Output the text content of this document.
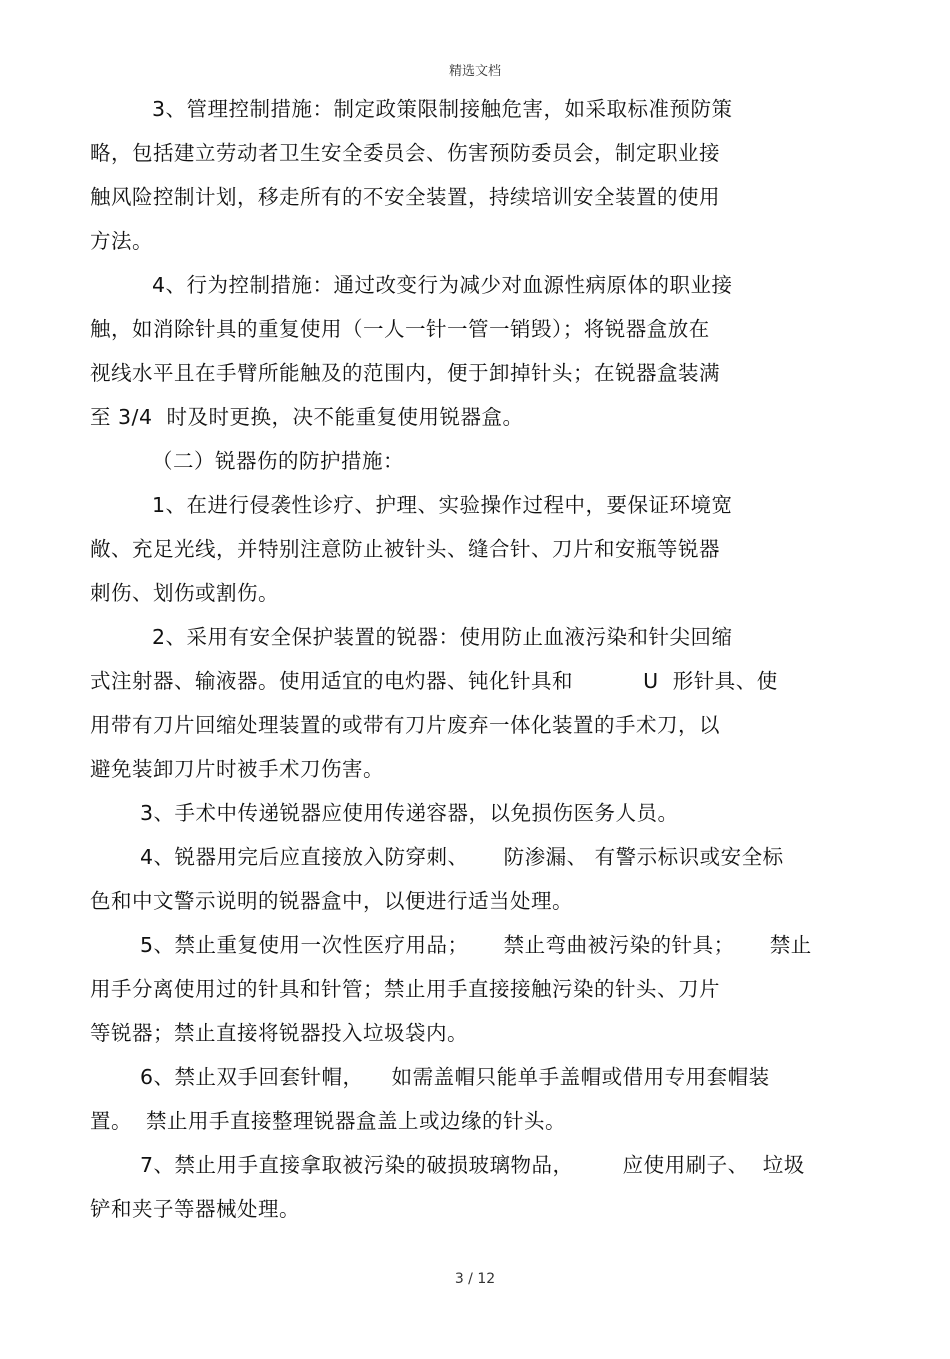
精选文档
3、管理控制措施：制定政策限制接触危害，如采取标准预防策
略，包括建立劳动者卫生安全委员会、伤害预防委员会，制定职业接
触风险控制计划，移走所有的不安全装置，持续培训安全装置的使用
方法。
4、行为控制措施：通过改变行为减少对血源性病原体的职业接
触，如消除针具的重复使用（一人一针一管一销毁）；将锐器盒放在
视线水平且在手臂所能触及的范围内，便于卸掉针头；在锐器盒装满
至 3/4  时及时更换，决不能重复使用锐器盒。
（二）锐器伤的防护措施：
1、在进行侵袭性诊疗、护理、实验操作过程中，要保证环境宽
敞、充足光线，并特别注意防止被针头、缝合针、刀片和安瓶等锐器
刺伤、划伤或割伤。
2、采用有安全保护装置的锐器：使用防止血液污染和针尖回缩
式注射器、输液器。使用适宜的电灼器、钝化针具和          U  形针具、使
用带有刀片回缩处理装置的或带有刀片废弃一体化装置的手术刀，以
避免装卸刀片时被手术刀伤害。
3、手术中传递锐器应使用传递容器，以免损伤医务人员。
4、锐器用完后应直接放入防穿刺、     防渗漏、 有警示标识或安全标
色和中文警示说明的锐器盒中，以便进行适当处理。
5、禁止重复使用一次性医疗用品；     禁止弯曲被污染的针具；     禁止
用手分离使用过的针具和针管；禁止用手直接接触污染的针头、刀片
等锐器；禁止直接将锐器投入垃圾袋内。
6、禁止双手回套针帽，    如需盖帽只能单手盖帽或借用专用套帽装
置。  禁止用手直接整理锐器盒盖上或边缘的针头。
7、禁止用手直接拿取被污染的破损玻璃物品，       应使用刷子、  垃圾
铲和夹子等器械处理。
3 / 12
